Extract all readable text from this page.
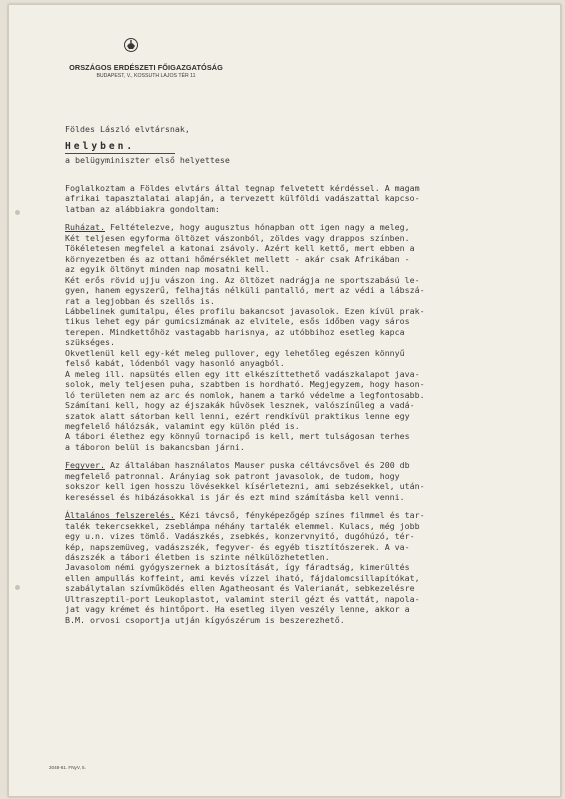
ORSZÁGOS ERDÉSZETI FŐIGAZGATÓSÁG
BUDAPEST, V., KOSSUTH LAJOS TÉR 11

Földes László elvtársnak,

a belügyminiszter első helyettese

Helyben.
Foglalkoztam a Földes elvtárs által tegnap felvetett kérdéssel. A magam
afrikai tapasztalatai alapján, a tervezett külföldi vadászattal kapcso-
latban az alábbiakra gondoltam:
Ruházat. Feltételezve, hogy augusztus hónapban ott igen nagy a meleg,
Két teljesen egyforma öltözet vászonból, zöldes vagy drappos színben.
Tökéletesen megfelel a katonai zsávoly. Azért kell kettő, mert ebben a
környezetben és az ottani hőmérséklet mellett - akár csak Afrikában -
az egyik öltönyt minden nap mosatni kell.
Két erős rövid ujju vászon ing. Az öltözet nadrágja ne sportszabású le-
gyen, hanem egyszerű, felhajtás nélküli pantalló, mert az védi a lábszá-
rat a legjobban és szellős is.
Lábbelinek gumitalpu, éles profilu bakancsot javasolok. Ezen kívül prak-
tikus lehet egy pár gumicsizmának az elvitele, esős időben vagy sáros
terepen. Mindkettőhöz vastagabb harisnya, az utóbbihoz esetleg kapca
szükséges.
Okvetlenül kell egy-két meleg pullover, egy lehetőleg egészen könnyű
felső kabát, lódenból vagy hasonló anyagból.
A meleg ill. napsütés ellen egy itt elkészíttethető vadászkalapot java-
solok, mely teljesen puha, szabtben is hordható. Megjegyzem, hogy hason-
ló területen nem az arc és nomlok, hanem a tarkó védelme a legfontosabb.
Számítani kell, hogy az éjszakák hűvösek lesznek, valószínűleg a vadá-
szatok alatt sátorban kell lenni, ezért rendkívül praktikus lenne egy
megfelelő hálózsák, valamint egy külön pléd is.
A tábori élethez egy könnyű tornacipő is kell, mert tulságosan terhes
a táboron belül is bakancsban járni.
Fegyver. Az általában használatos Mauser puska céltávcsővel és 200 db
megfelelő patronnal. Arányiag sok patront javasolok, de tudom, hogy
sokszor kell igen hosszu lövésekkel kísérletezni, ami sebzésekkel, után-
kereséssel és hibázásokkal is jár és ezt mind számításba kell venni.
Általános felszerelés. Kézi távcső, fényképezőgép színes filmmel és tar-
talék tekercsekkel, zseblámpa néhány tartalék elemmel. Kulacs, még jobb
egy u.n. vizes tömlő. Vadászkés, zsebkés, konzervnyitó, dugóhúzó, tér-
kép, napszemüveg, vadászszék, fegyver- és egyéb tisztítószerek. A va-
dászszék a tábori életben is szinte nélkülözhetetlen.
Javasolom némi gyógyszernek a biztosítását, így fáradtság, kimerültés
ellen ampullás koffeint, ami kevés vízzel iható, fájdalomcsillapítókat,
szabálytalan szívműködés ellen Agatheosant és Valerianát, sebkezelésre
Ultraszeptil-port Leukoplastot, valamint steril gézt és vattát, napola-
jat vagy krémet és hintőport. Ha esetleg ilyen veszély lenne, akkor a
B.M. orvosi csoportja utján kígyószérum is beszerezhető.
2048-61. FNyV, 5.
